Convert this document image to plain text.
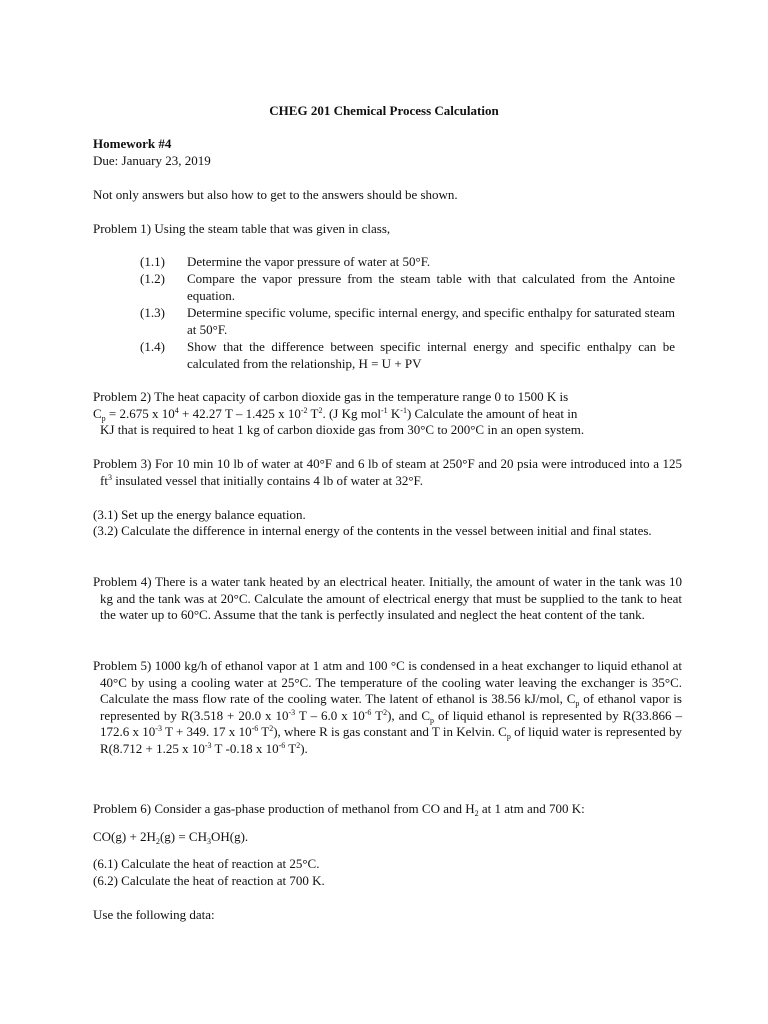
CHEG 201 Chemical Process Calculation
Homework #4
Due: January 23, 2019
Not only answers but also how to get to the answers should be shown.
Problem 1) Using the steam table that was given in class,
(1.1)	Determine the vapor pressure of water at 50°F.
(1.2)	Compare the vapor pressure from the steam table with that calculated from the Antoine equation.
(1.3)	Determine specific volume, specific internal energy, and specific enthalpy for saturated steam at 50°F.
(1.4)	Show that the difference between specific internal energy and specific enthalpy can be calculated from the relationship, H = U + PV
Problem 2) The heat capacity of carbon dioxide gas in the temperature range 0 to 1500 K is
$C_p = 2.675$ x $10^4 + 42.27$ T – 1.425 x $10^{-2}$ $T^2$. (J Kg mol$^{-1}$ $K^{-1}$) Calculate the amount of heat in
KJ that is required to heat 1 kg of carbon dioxide gas from 30°C to 200°C in an open system.
Problem 3) For 10 min 10 lb of water at 40°F and 6 lb of steam at 250°F and 20 psia were introduced into a 125 $ft^3$ insulated vessel that initially contains 4 lb of water at 32°F.
(3.1) Set up the energy balance equation.
(3.2) Calculate the difference in internal energy of the contents in the vessel between initial and final states.
Problem 4) There is a water tank heated by an electrical heater. Initially, the amount of water in the tank was 10 kg and the tank was at 20°C. Calculate the amount of electrical energy that must be supplied to the tank to heat the water up to 60°C. Assume that the tank is perfectly insulated and neglect the heat content of the tank.
Problem 5) 1000 kg/h of ethanol vapor at 1 atm and 100 °C is condensed in a heat exchanger to liquid ethanol at 40°C by using a cooling water at 25°C. The temperature of the cooling water leaving the exchanger is 35°C. Calculate the mass flow rate of the cooling water. The latent of ethanol is 38.56 kJ/mol, $C_p$ of ethanol vapor is represented by R(3.518 + 20.0 x $10^{-3}$ T – 6.0 x $10^{-6}$ $T^2$), and $C_p$ of liquid ethanol is represented by R(33.866 – 172.6 x $10^{-3}$ T + 349. 17 x $10^{-6}$ $T^2$), where R is gas constant and T in Kelvin. $C_p$ of liquid water is represented by R(8.712 + 1.25 x $10^{-3}$ T -0.18 x $10^{-6}$ $T^2$).
Problem 6) Consider a gas-phase production of methanol from CO and $H_2$ at 1 atm and 700 K:
$CO(g) + 2H_2(g) = CH_3OH(g)$.
(6.1) Calculate the heat of reaction at 25°C.
(6.2) Calculate the heat of reaction at 700 K.
Use the following data:
